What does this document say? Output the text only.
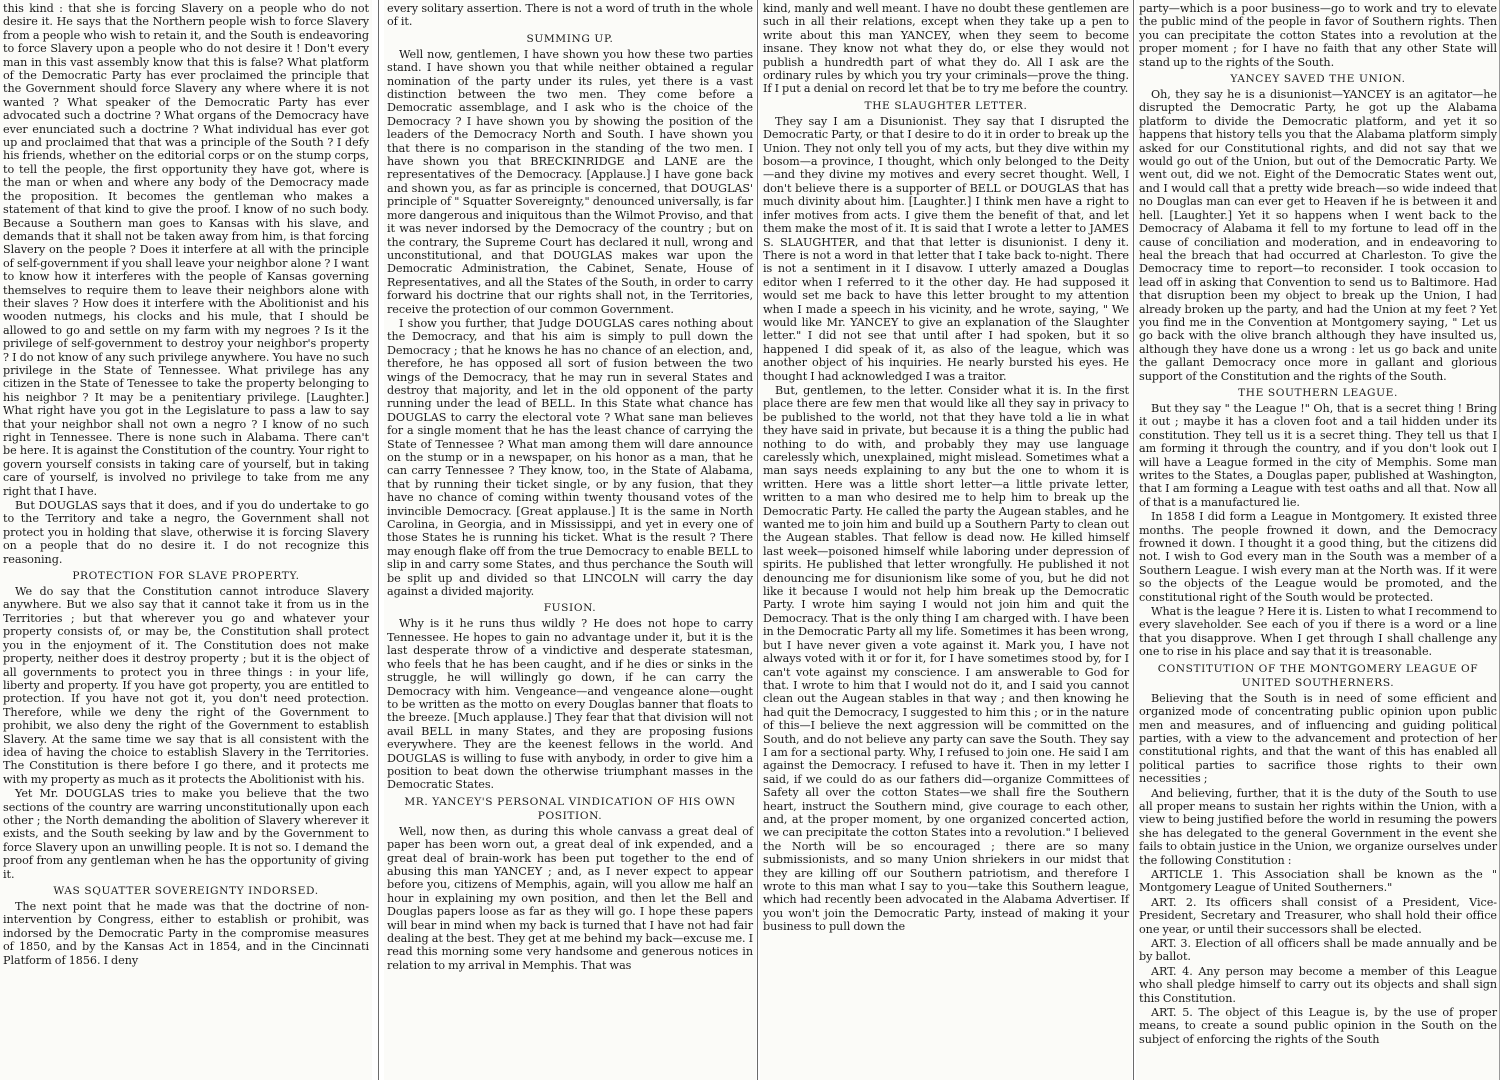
this kind : that she is forcing Slavery on a people who do not desire it. He says that the Northern people wish to force Slavery from a people who wish to retain it, and the South is endeavoring to force Slavery upon a people who do not desire it ! Don't every man in this vast assembly know that this is false? What platform of the Democratic Party has ever proclaimed the principle that the Government should force Slavery any where where it is not wanted ? What speaker of the Democratic Party has ever advocated such a doctrine ? What organs of the Democracy have ever enunciated such a doctrine ? What individual has ever got up and proclaimed that that was a principle of the South ? I defy his friends, whether on the editorial corps or on the stump corps, to tell the people, the first opportunity they have got, where is the man or when and where any body of the Democracy made the proposition. It becomes the gentleman who makes a statement of that kind to give the proof. I know of no such body. Because a Southern man goes to Kansas with his slave, and demands that it shall not be taken away from him, is that forcing Slavery on the people ? Does it interfere at all with the principle of self-government if you shall leave your neighbor alone ? I want to know how it interferes with the people of Kansas governing themselves to require them to leave their neighbors alone with their slaves ? How does it interfere with the Abolitionist and his wooden nutmegs, his clocks and his mule, that I should be allowed to go and settle on my farm with my negroes ? Is it the privilege of self-government to destroy your neighbor's property ? I do not know of any such privilege anywhere. You have no such privilege in the State of Tennessee. What privilege has any citizen in the State of Tenessee to take the property belonging to his neighbor ? It may be a penitentiary privilege. [Laughter.] What right have you got in the Legislature to pass a law to say that your neighbor shall not own a negro ? I know of no such right in Tennessee. There is none such in Alabama. There can't be here. It is against the Constitution of the country. Your right to govern yourself consists in taking care of yourself, but in taking care of yourself, is involved no privilege to take from me any right that I have.

But DOUGLAS says that it does, and if you do undertake to go to the Territory and take a negro, the Government shall not protect you in holding that slave, otherwise it is forcing Slavery on a people that do no desire it. I do not recognize this reasoning.

PROTECTION FOR SLAVE PROPERTY.

We do say that the Constitution cannot introduce Slavery anywhere. But we also say that it cannot take it from us in the Territories ; but that wherever you go and whatever your property consists of, or may be, the Constitution shall protect you in the enjoyment of it. The Constitution does not make property, neither does it destroy property ; but it is the object of all governments to protect you in three things : in your life, liberty and property. If you have got property, you are entitled to protection. If you have not got it, you don't need protection. Therefore, while we deny the right of the Government to prohibit, we also deny the right of the Government to establish Slavery. At the same time we say that is all consistent with the idea of having the choice to establish Slavery in the Territories. The Constitution is there before I go there, and it protects me with my property as much as it protects the Abolitionist with his.

Yet Mr. DOUGLAS tries to make you believe that the two sections of the country are warring unconstitutionally upon each other ; the North demanding the abolition of Slavery wherever it exists, and the South seeking by law and by the Government to force Slavery upon an unwilling people. It is not so. I demand the proof from any gentleman when he has the opportunity of giving it.

WAS SQUATTER SOVEREIGNTY INDORSED.

The next point that he made was that the doctrine of non-intervention by Congress, either to establish or prohibit, was indorsed by the Democratic Party in the compromise measures of 1850, and by the Kansas Act in 1854, and in the Cincinnati Platform of 1856. I deny

every solitary assertion. There is not a word of truth in the whole of it.

SUMMING UP.

Well now, gentlemen, I have shown you how these two parties stand. I have shown you that while neither obtained a regular nomination of the party under its rules, yet there is a vast distinction between the two men. They come before a Democratic assemblage, and I ask who is the choice of the Democracy ? I have shown you by showing the position of the leaders of the Democracy North and South. I have shown you that there is no comparison in the standing of the two men. I have shown you that BRECKINRIDGE and LANE are the representatives of the Democracy. [Applause.] I have gone back and shown you, as far as principle is concerned, that DOUGLAS' principle of " Squatter Sovereignty," denounced universally, is far more dangerous and iniquitous than the Wilmot Proviso, and that it was never indorsed by the Democracy of the country ; but on the contrary, the Supreme Court has declared it null, wrong and unconstitutional, and that DOUGLAS makes war upon the Democratic Administration, the Cabinet, Senate, House of Representatives, and all the States of the South, in order to carry forward his doctrine that our rights shall not, in the Territories, receive the protection of our common Government.

I show you further, that Judge DOUGLAS cares nothing about the Democracy, and that his aim is simply to pull down the Democracy ; that he knows he has no chance of an election, and, therefore, he has opposed all sort of fusion between the two wings of the Democracy, that he may run in several States and destroy that majority, and let in the old opponent of the party running under the lead of BELL. In this State what chance has DOUGLAS to carry the electoral vote ? What sane man believes for a single moment that he has the least chance of carrying the State of Tennessee ? What man among them will dare announce on the stump or in a newspaper, on his honor as a man, that he can carry Tennessee ? They know, too, in the State of Alabama, that by running their ticket single, or by any fusion, that they have no chance of coming within twenty thousand votes of the invincible Democracy. [Great applause.] It is the same in North Carolina, in Georgia, and in Mississippi, and yet in every one of those States he is running his ticket. What is the result ? There may enough flake off from the true Democracy to enable BELL to slip in and carry some States, and thus perchance the South will be split up and divided so that LINCOLN will carry the day against a divided majority.

FUSION.

Why is it he runs thus wildly ? He does not hope to carry Tennessee. He hopes to gain no advantage under it, but it is the last desperate throw of a vindictive and desperate statesman, who feels that he has been caught, and if he dies or sinks in the struggle, he will willingly go down, if he can carry the Democracy with him. Vengeance—and vengeance alone—ought to be written as the motto on every Douglas banner that floats to the breeze. [Much applause.] They fear that that division will not avail BELL in many States, and they are proposing fusions everywhere. They are the keenest fellows in the world. And DOUGLAS is willing to fuse with anybody, in order to give him a position to beat down the otherwise triumphant masses in the Democratic States.

MR. YANCEY'S PERSONAL VINDICATION OF HIS OWN POSITION.

Well, now then, as during this whole canvass a great deal of paper has been worn out, a great deal of ink expended, and a great deal of brain-work has been put together to the end of abusing this man YANCEY ; and, as I never expect to appear before you, citizens of Memphis, again, will you allow me half an hour in explaining my own position, and then let the Bell and Douglas papers loose as far as they will go. I hope these papers will bear in mind when my back is turned that I have not had fair dealing at the best. They get at me behind my back—excuse me. I read this morning some very handsome and generous notices in relation to my arrival in Memphis. That was

kind, manly and well meant. I have no doubt these gentlemen are such in all their relations, except when they take up a pen to write about this man YANCEY, when they seem to become insane. They know not what they do, or else they would not publish a hundredth part of what they do. All I ask are the ordinary rules by which you try your criminals—prove the thing. If I put a denial on record let that be to try me before the country.

THE SLAUGHTER LETTER.

They say I am a Disunionist. They say that I disrupted the Democratic Party, or that I desire to do it in order to break up the Union. They not only tell you of my acts, but they dive within my bosom—a province, I thought, which only belonged to the Deity —and they divine my motives and every secret thought. Well, I don't believe there is a supporter of BELL or DOUGLAS that has much divinity about him. [Laughter.] I think men have a right to infer motives from acts. I give them the benefit of that, and let them make the most of it. It is said that I wrote a letter to JAMES S. SLAUGHTER, and that that letter is disunionist. I deny it. There is not a word in that letter that I take back to-night. There is not a sentiment in it I disavow. I utterly amazed a Douglas editor when I referred to it the other day. He had supposed it would set me back to have this letter brought to my attention when I made a speech in his vicinity, and he wrote, saying, " We would like Mr. YANCEY to give an explanation of the Slaughter letter." I did not see that until after I had spoken, but it so happened I did speak of it, as also of the league, which was another object of his inquiries. He nearly bursted his eyes. He thought I had acknowledged I was a traitor.

But, gentlemen, to the letter. Consider what it is. In the first place there are few men that would like all they say in privacy to be published to the world, not that they have told a lie in what they have said in private, but because it is a thing the public had nothing to do with, and probably they may use language carelessly which, unexplained, might mislead. Sometimes what a man says needs explaining to any but the one to whom it is written. Here was a little short letter—a little private letter, written to a man who desired me to help him to break up the Democratic Party. He called the party the Augean stables, and he wanted me to join him and build up a Southern Party to clean out the Augean stables. That fellow is dead now. He killed himself last week—poisoned himself while laboring under depression of spirits. He published that letter wrongfully. He published it not denouncing me for disunionism like some of you, but he did not like it because I would not help him break up the Democratic Party. I wrote him saying I would not join him and quit the Democracy. That is the only thing I am charged with. I have been in the Democratic Party all my life. Sometimes it has been wrong, but I have never given a vote against it. Mark you, I have not always voted with it or for it, for I have sometimes stood by, for I can't vote against my conscience. I am answerable to God for that. I wrote to him that I would not do it, and I said you cannot clean out the Augean stables in that way ; and then knowing he had quit the Democracy, I suggested to him this ; or in the nature of this—I believe the next aggression will be committed on the South, and do not believe any party can save the South. They say I am for a sectional party. Why, I refused to join one. He said I am against the Democracy. I refused to have it. Then in my letter I said, if we could do as our fathers did—organize Committees of Safety all over the cotton States—we shall fire the Southern heart, instruct the Southern mind, give courage to each other, and, at the proper moment, by one organized concerted action, we can precipitate the cotton States into a revolution." I believed the North will be so encouraged ; there are so many submissionists, and so many Union shriekers in our midst that they are killing off our Southern patriotism, and therefore I wrote to this man what I say to you—take this Southern league, which had recently been advocated in the Alabama Advertiser. If you won't join the Democratic Party, instead of making it your business to pull down the

party—which is a poor business—go to work and try to elevate the public mind of the people in favor of Southern rights. Then you can precipitate the cotton States into a revolution at the proper moment ; for I have no faith that any other State will stand up to the rights of the South.

YANCEY SAVED THE UNION.

Oh, they say he is a disunionist—YANCEY is an agitator—he disrupted the Democratic Party, he got up the Alabama platform to divide the Democratic platform, and yet it so happens that history tells you that the Alabama platform simply asked for our Constitutional rights, and did not say that we would go out of the Union, but out of the Democratic Party. We went out, did we not. Eight of the Democratic States went out, and I would call that a pretty wide breach—so wide indeed that no Douglas man can ever get to Heaven if he is between it and hell. [Laughter.] Yet it so happens when I went back to the Democracy of Alabama it fell to my fortune to lead off in the cause of conciliation and moderation, and in endeavoring to heal the breach that had occurred at Charleston. To give the Democracy time to report—to reconsider. I took occasion to lead off in asking that Convention to send us to Baltimore. Had that disruption been my object to break up the Union, I had already broken up the party, and had the Union at my feet ? Yet you find me in the Convention at Montgomery saying, " Let us go back with the olive branch although they have insulted us, although they have done us a wrong : let us go back and unite the gallant Democracy once more in gallant and glorious support of the Constitution and the rights of the South.

THE SOUTHERN LEAGUE.

But they say " the League !" Oh, that is a secret thing ! Bring it out ; maybe it has a cloven foot and a tail hidden under its constitution. They tell us it is a secret thing. They tell us that I am forming it through the country, and if you don't look out I will have a League formed in the city of Memphis. Some man writes to the States, a Douglas paper, published at Washington, that I am forming a League with test oaths and all that. Now all of that is a manufactured lie.

In 1858 I did form a League in Montgomery. It existed three months. The people frowned it down, and the Democracy frowned it down. I thought it a good thing, but the citizens did not. I wish to God every man in the South was a member of a Southern League. I wish every man at the North was. If it were so the objects of the League would be promoted, and the constitutional right of the South would be protected.

What is the league ? Here it is. Listen to what I recommend to every slaveholder. See each of you if there is a word or a line that you disapprove. When I get through I shall challenge any one to rise in his place and say that it is treasonable.

CONSTITUTION OF THE MONTGOMERY LEAGUE OF UNITED SOUTHERNERS.

Believing that the South is in need of some efficient and organized mode of concentrating public opinion upon public men and measures, and of influencing and guiding political parties, with a view to the advancement and protection of her constitutional rights, and that the want of this has enabled all political parties to sacrifice those rights to their own necessities ;

And believing, further, that it is the duty of the South to use all proper means to sustain her rights within the Union, with a view to being justified before the world in resuming the powers she has delegated to the general Government in the event she fails to obtain justice in the Union, we organize ourselves under the following Constitution :

ARTICLE 1. This Association shall be known as the " Montgomery League of United Southerners."

ART. 2. Its officers shall consist of a President, Vice-President, Secretary and Treasurer, who shall hold their office one year, or until their successors shall be elected.

ART. 3. Election of all officers shall be made annually and be by ballot.

ART. 4. Any person may become a member of this League who shall pledge himself to carry out its objects and shall sign this Constitution.

ART. 5. The object of this League is, by the use of proper means, to create a sound public opinion in the South on the subject of enforcing the rights of the South
